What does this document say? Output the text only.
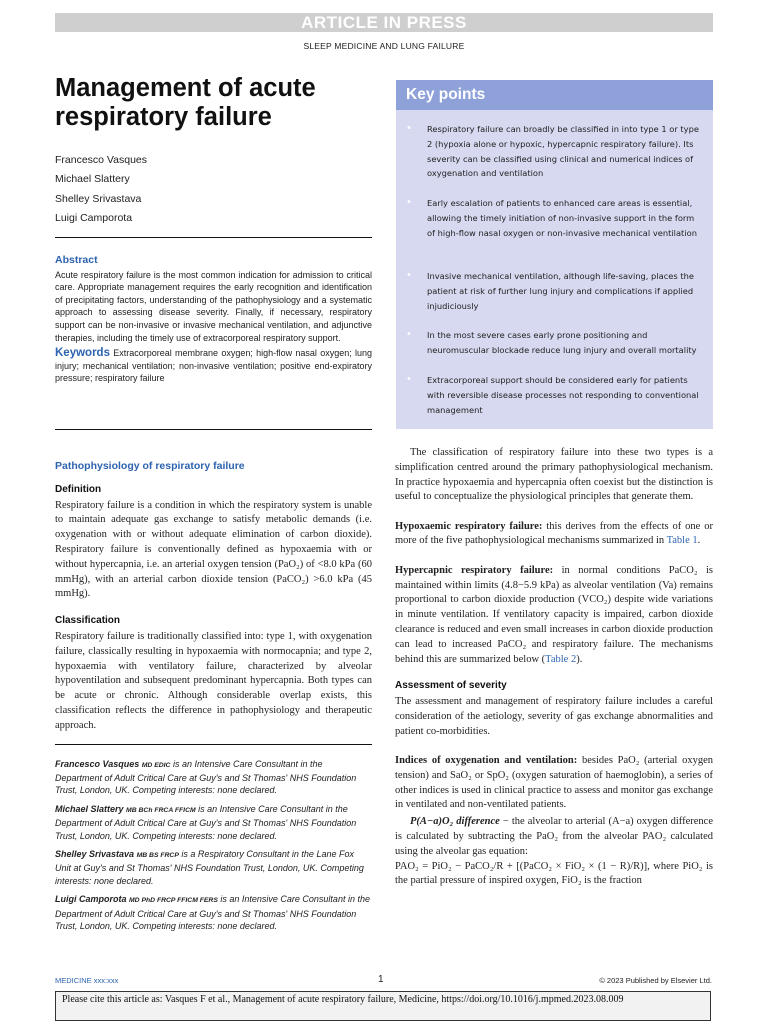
ARTICLE IN PRESS
SLEEP MEDICINE AND LUNG FAILURE
Management of acute respiratory failure
Francesco Vasques
Michael Slattery
Shelley Srivastava
Luigi Camporota
Abstract

Acute respiratory failure is the most common indication for admission to critical care. Appropriate management requires the early recognition and identification of precipitating factors, understanding of the pathophysiology and a systematic approach to assessing disease severity. Finally, if necessary, respiratory support can be non-invasive or invasive mechanical ventilation, and adjunctive therapies, including the timely use of extracorporeal respiratory support.

Keywords Extracorporeal membrane oxygen; high-flow nasal oxygen; lung injury; mechanical ventilation; non-invasive ventilation; positive end-expiratory pressure; respiratory failure
Key points
• Respiratory failure can broadly be classified in into type 1 or type 2 (hypoxia alone or hypoxic, hypercapnic respiratory failure). Its severity can be classified using clinical and numerical indices of oxygenation and ventilation
• Early escalation of patients to enhanced care areas is essential, allowing the timely initiation of non-invasive support in the form of high-flow nasal oxygen or non-invasive mechanical ventilation
• Invasive mechanical ventilation, although life-saving, places the patient at risk of further lung injury and complications if applied injudiciously
• In the most severe cases early prone positioning and neuromuscular blockade reduce lung injury and overall mortality
• Extracorporeal support should be considered early for patients with reversible disease processes not responding to conventional management
Pathophysiology of respiratory failure
Definition

Respiratory failure is a condition in which the respiratory system is unable to maintain adequate gas exchange to satisfy metabolic demands (i.e. oxygenation with or without adequate elimination of carbon dioxide). Respiratory failure is conventionally defined as hypoxaemia with or without hypercapnia, i.e. an arterial oxygen tension (PaO₂) of <8.0 kPa (60 mmHg), with an arterial carbon dioxide tension (PaCO₂) >6.0 kPa (45 mmHg).

Classification

Respiratory failure is traditionally classified into: type 1, with oxygenation failure, classically resulting in hypoxaemia with normocapnia; and type 2, hypoxaemia with ventilatory failure, characterized by alveolar hypoventilation and subsequent predominant hypercapnia. Both types can be acute or chronic. Although considerable overlap exists, this classification reflects the difference in pathophysiology and therapeutic approach.

Francesco Vasques MD EDIC is an Intensive Care Consultant in the Department of Adult Critical Care at Guy's and St Thomas' NHS Foundation Trust, London, UK. Competing interests: none declared.

Michael Slattery MB BCh FRCA FFICM is an Intensive Care Consultant in the Department of Adult Critical Care at Guy's and St Thomas' NHS Foundation Trust, London, UK. Competing interests: none declared.

Shelley Srivastava MB BS FRCP is a Respiratory Consultant in the Lane Fox Unit at Guy's and St Thomas' NHS Foundation Trust, London, UK. Competing interests: none declared.

Luigi Camporota MD PhD FRCP FFICM FERS is an Intensive Care Consultant in the Department of Adult Critical Care at Guy's and St Thomas' NHS Foundation Trust, London, UK. Competing interests: none declared.

The classification of respiratory failure into these two types is a simplification centred around the primary pathophysiological mechanism. In practice hypoxaemia and hypercapnia often coexist but the distinction is useful to conceptualize the physiological principles that generate them.

Hypoxaemic respiratory failure: this derives from the effects of one or more of the five pathophysiological mechanisms summarized in Table 1.

Hypercapnic respiratory failure: in normal conditions PaCO₂ is maintained within limits (4.8−5.9 kPa) as alveolar ventilation (Va) remains proportional to carbon dioxide production (VCO₂) despite wide variations in minute ventilation. If ventilatory capacity is impaired, carbon dioxide clearance is reduced and even small increases in carbon dioxide production can lead to increased PaCO₂ and respiratory failure. The mechanisms behind this are summarized below (Table 2).

Assessment of severity

The assessment and management of respiratory failure includes a careful consideration of the aetiology, severity of gas exchange abnormalities and patient co-morbidities.

Indices of oxygenation and ventilation: besides PaO₂ (arterial oxygen tension) and SaO₂ or SpO₂ (oxygen saturation of haemoglobin), a series of other indices is used in clinical practice to assess and monitor gas exchange in ventilated and non-ventilated patients.

P(A−a)O₂ difference − the alveolar to arterial (A−a) oxygen difference is calculated by subtracting the PaO₂ from the alveolar PAO₂ calculated using the alveolar gas equation:

PAO₂ = PiO₂ − PaCO₂/R + [(PaCO₂ × FiO₂ × (1 − R)/R)], where PiO₂ is the partial pressure of inspired oxygen, FiO₂ is the fraction

MEDICINE xxx:xxx	1	© 2023 Published by Elsevier Ltd.
Please cite this article as: Vasques F et al., Management of acute respiratory failure, Medicine, https://doi.org/10.1016/j.mpmed.2023.08.009
